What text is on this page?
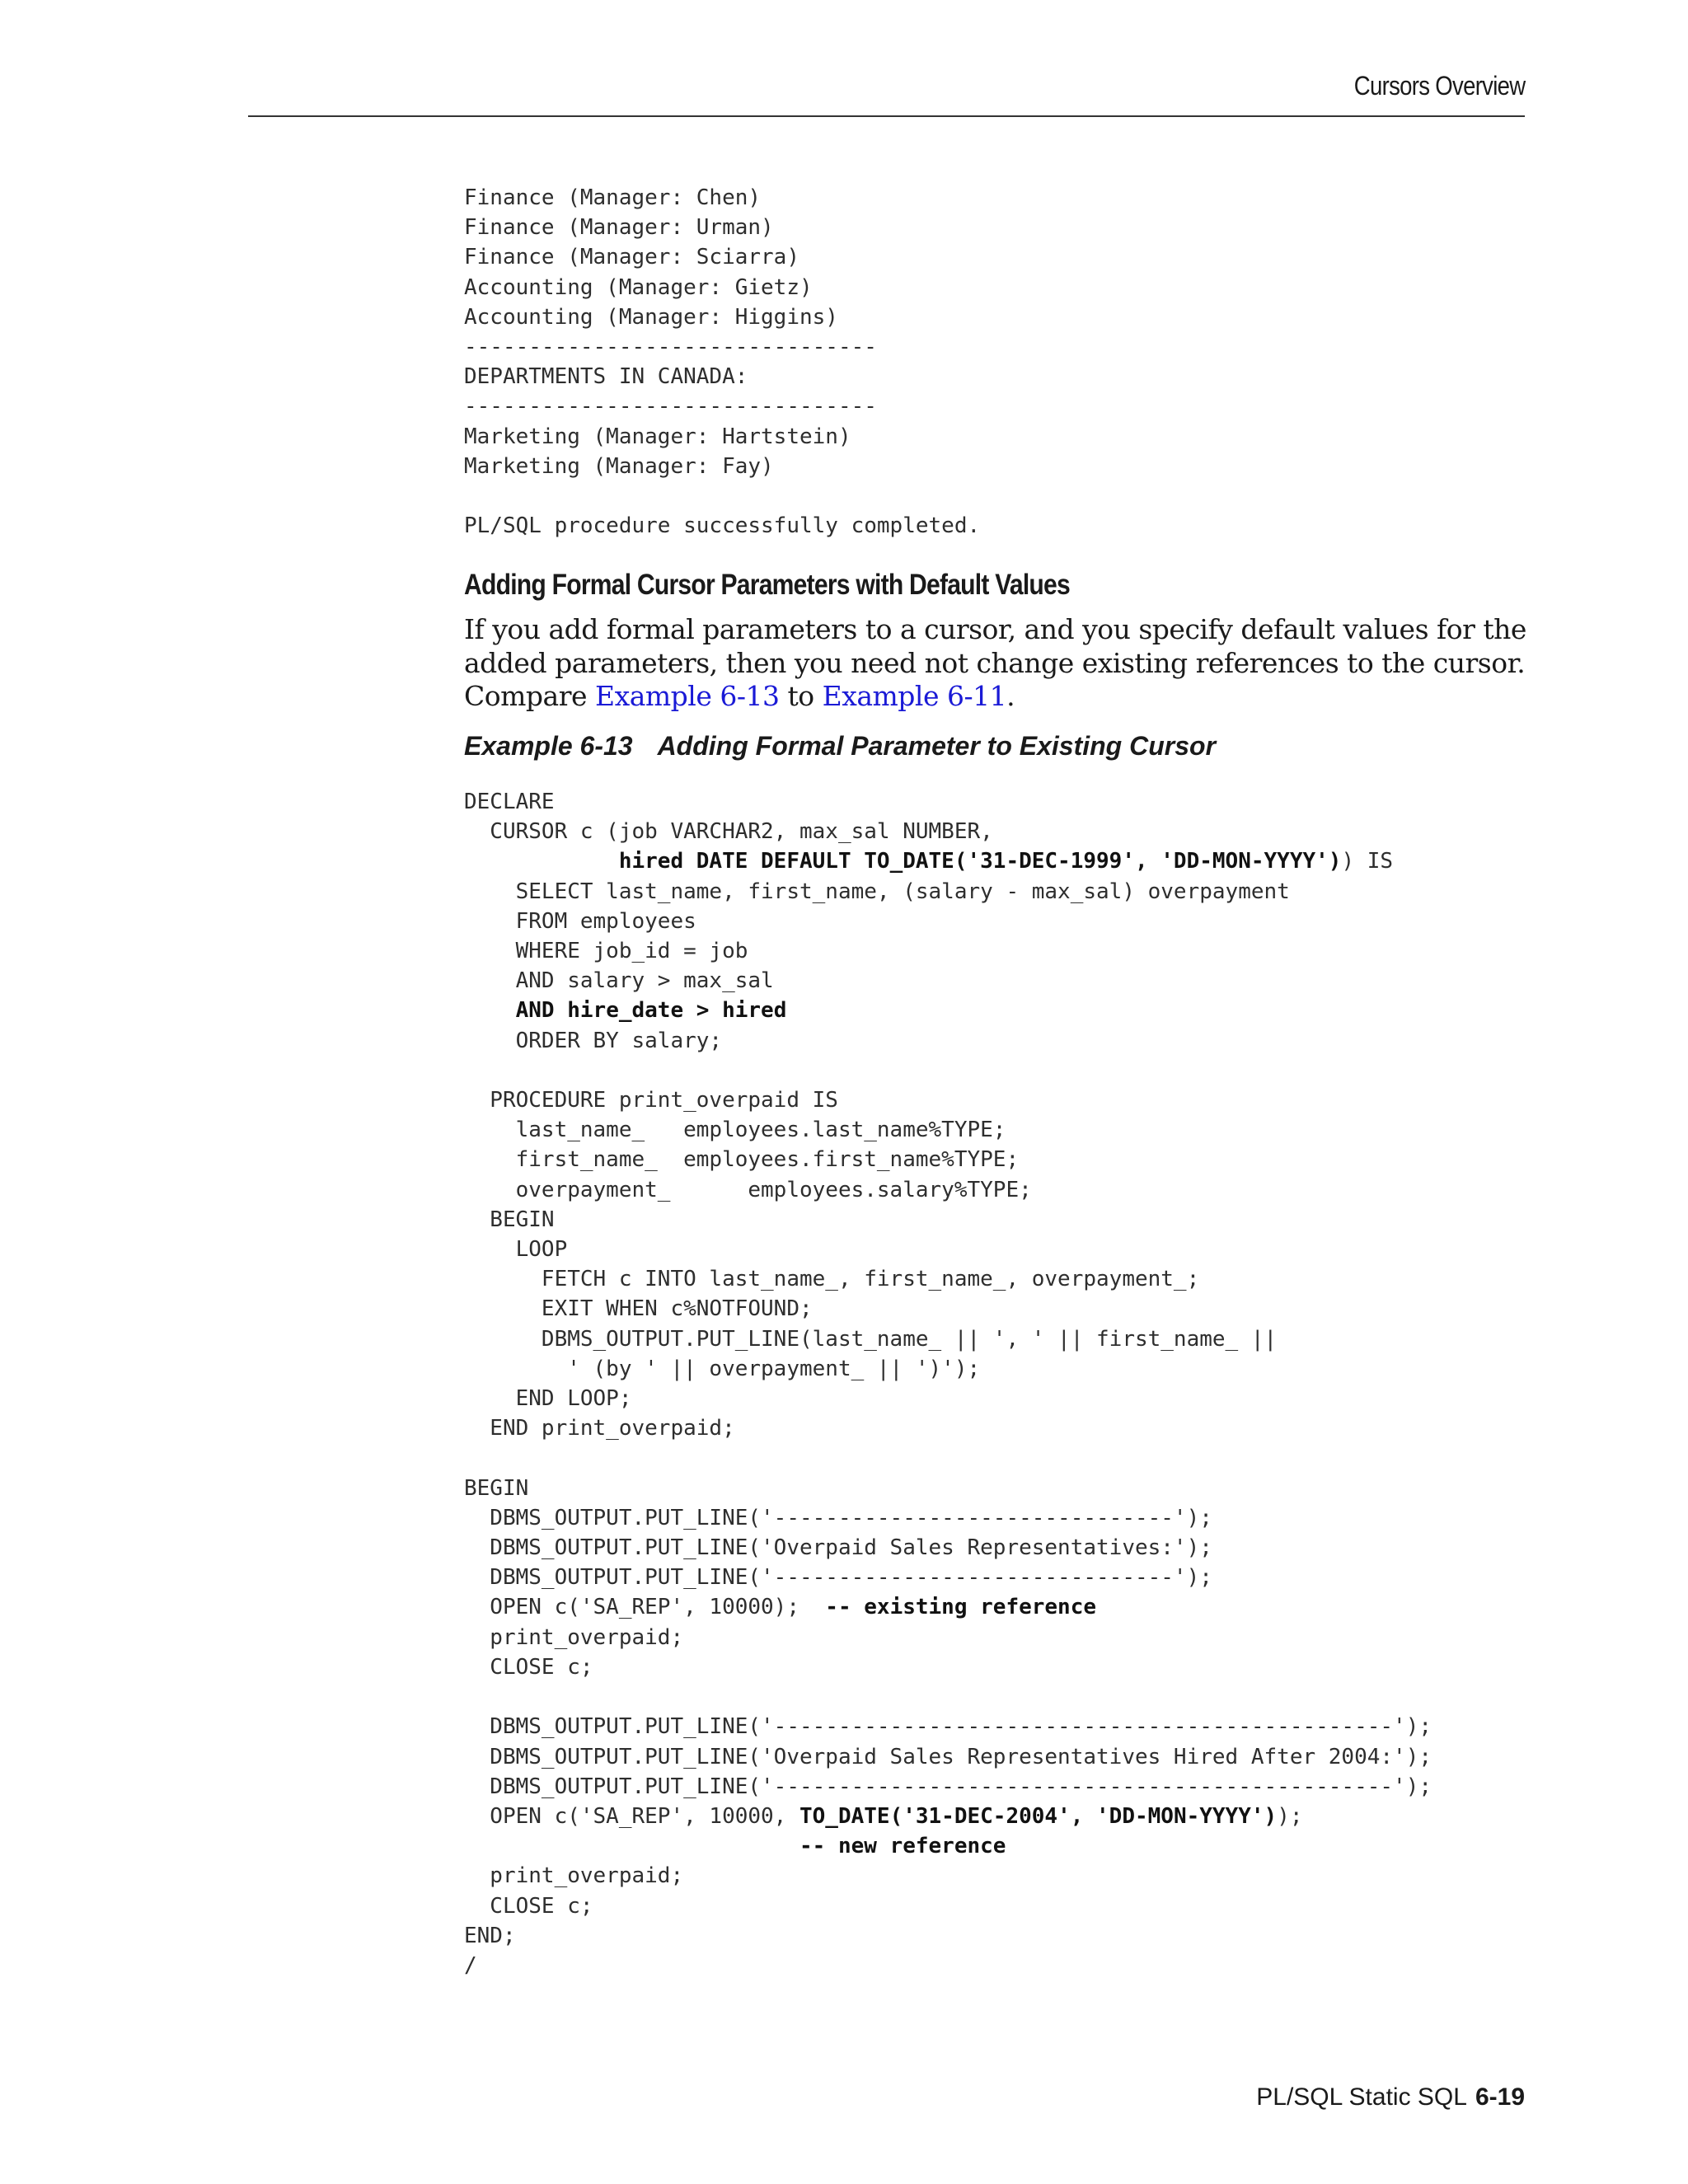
Cursors Overview
Finance (Manager: Chen)
Finance (Manager: Urman)
Finance (Manager: Sciarra)
Accounting (Manager: Gietz)
Accounting (Manager: Higgins)
--------------------------------
DEPARTMENTS IN CANADA:
--------------------------------
Marketing (Manager: Hartstein)
Marketing (Manager: Fay)

PL/SQL procedure successfully completed.

Adding Formal Cursor Parameters with Default Values
If you add formal parameters to a cursor, and you specify default values for the added parameters, then you need not change existing references to the cursor. Compare Example 6-13 to Example 6-11.
Example 6-13 Adding Formal Parameter to Existing Cursor
DECLARE
CURSOR c (job VARCHAR2, max_sal NUMBER,
hired DATE DEFAULT TO_DATE('31-DEC-1999', 'DD-MON-YYYY')) IS
SELECT last_name, first_name, (salary - max_sal) overpayment
FROM employees
WHERE job_id = job
AND salary > max_sal
AND hire_date > hired
ORDER BY salary;

PROCEDURE print_overpaid IS
last_name_   employees.last_name%TYPE;
first_name_  employees.first_name%TYPE;
overpayment_      employees.salary%TYPE;
BEGIN
LOOP
FETCH c INTO last_name_, first_name_, overpayment_;
EXIT WHEN c%NOTFOUND;
DBMS_OUTPUT.PUT_LINE(last_name_ || ', ' || first_name_ ||
' (by ' || overpayment_ || ')');
END LOOP;
END print_overpaid;

BEGIN
DBMS_OUTPUT.PUT_LINE('-------------------------------');
DBMS_OUTPUT.PUT_LINE('Overpaid Sales Representatives:');
DBMS_OUTPUT.PUT_LINE('-------------------------------');
OPEN c('SA_REP', 10000);  -- existing reference
print_overpaid;
CLOSE c;

DBMS_OUTPUT.PUT_LINE('------------------------------------------------');
DBMS_OUTPUT.PUT_LINE('Overpaid Sales Representatives Hired After 2004:');
DBMS_OUTPUT.PUT_LINE('------------------------------------------------');
OPEN c('SA_REP', 10000, TO_DATE('31-DEC-2004', 'DD-MON-YYYY'));
-- new reference
print_overpaid;
CLOSE c;
END;
/

PL/SQL Static SQL 6-19
